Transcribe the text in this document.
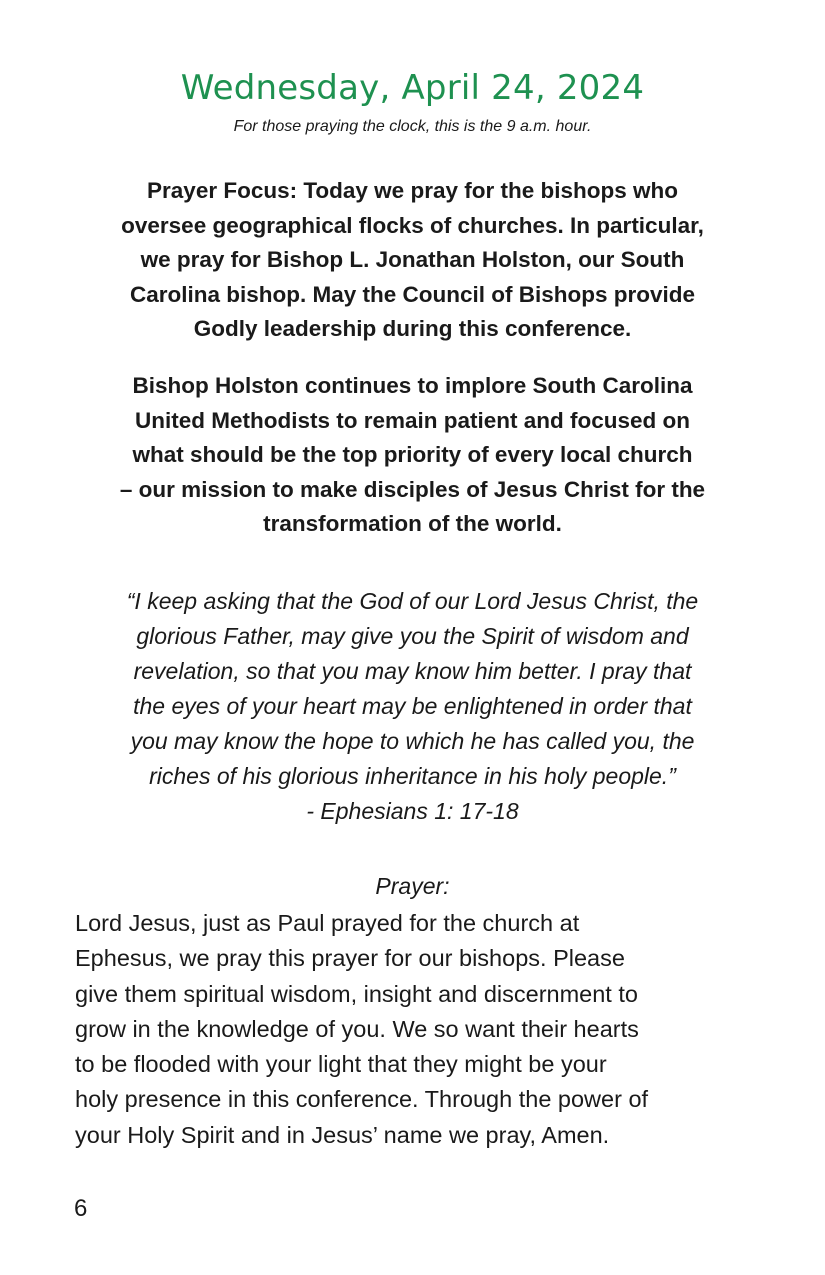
Wednesday, April 24, 2024
For those praying the clock, this is the 9 a.m. hour.
Prayer Focus: Today we pray for the bishops who
oversee geographical flocks of churches. In particular,
we pray for Bishop L. Jonathan Holston, our South
Carolina bishop. May the Council of Bishops provide
Godly leadership during this conference.
Bishop Holston continues to implore South Carolina
United Methodists to remain patient and focused on
what should be the top priority of every local church
– our mission to make disciples of Jesus Christ for the
transformation of the world.
“I keep asking that the God of our Lord Jesus Christ, the
glorious Father, may give you the Spirit of wisdom and
revelation, so that you may know him better. I pray that
the eyes of your heart may be enlightened in order that
you may know the hope to which he has called you, the
riches of his glorious inheritance in his holy people.”
- Ephesians 1: 17-18
Prayer:
Lord Jesus, just as Paul prayed for the church at
Ephesus, we pray this prayer for our bishops. Please
give them spiritual wisdom, insight and discernment to
grow in the knowledge of you. We so want their hearts
to be flooded with your light that they might be your
holy presence in this conference. Through the power of
your Holy Spirit and in Jesus’ name we pray, Amen.
6
